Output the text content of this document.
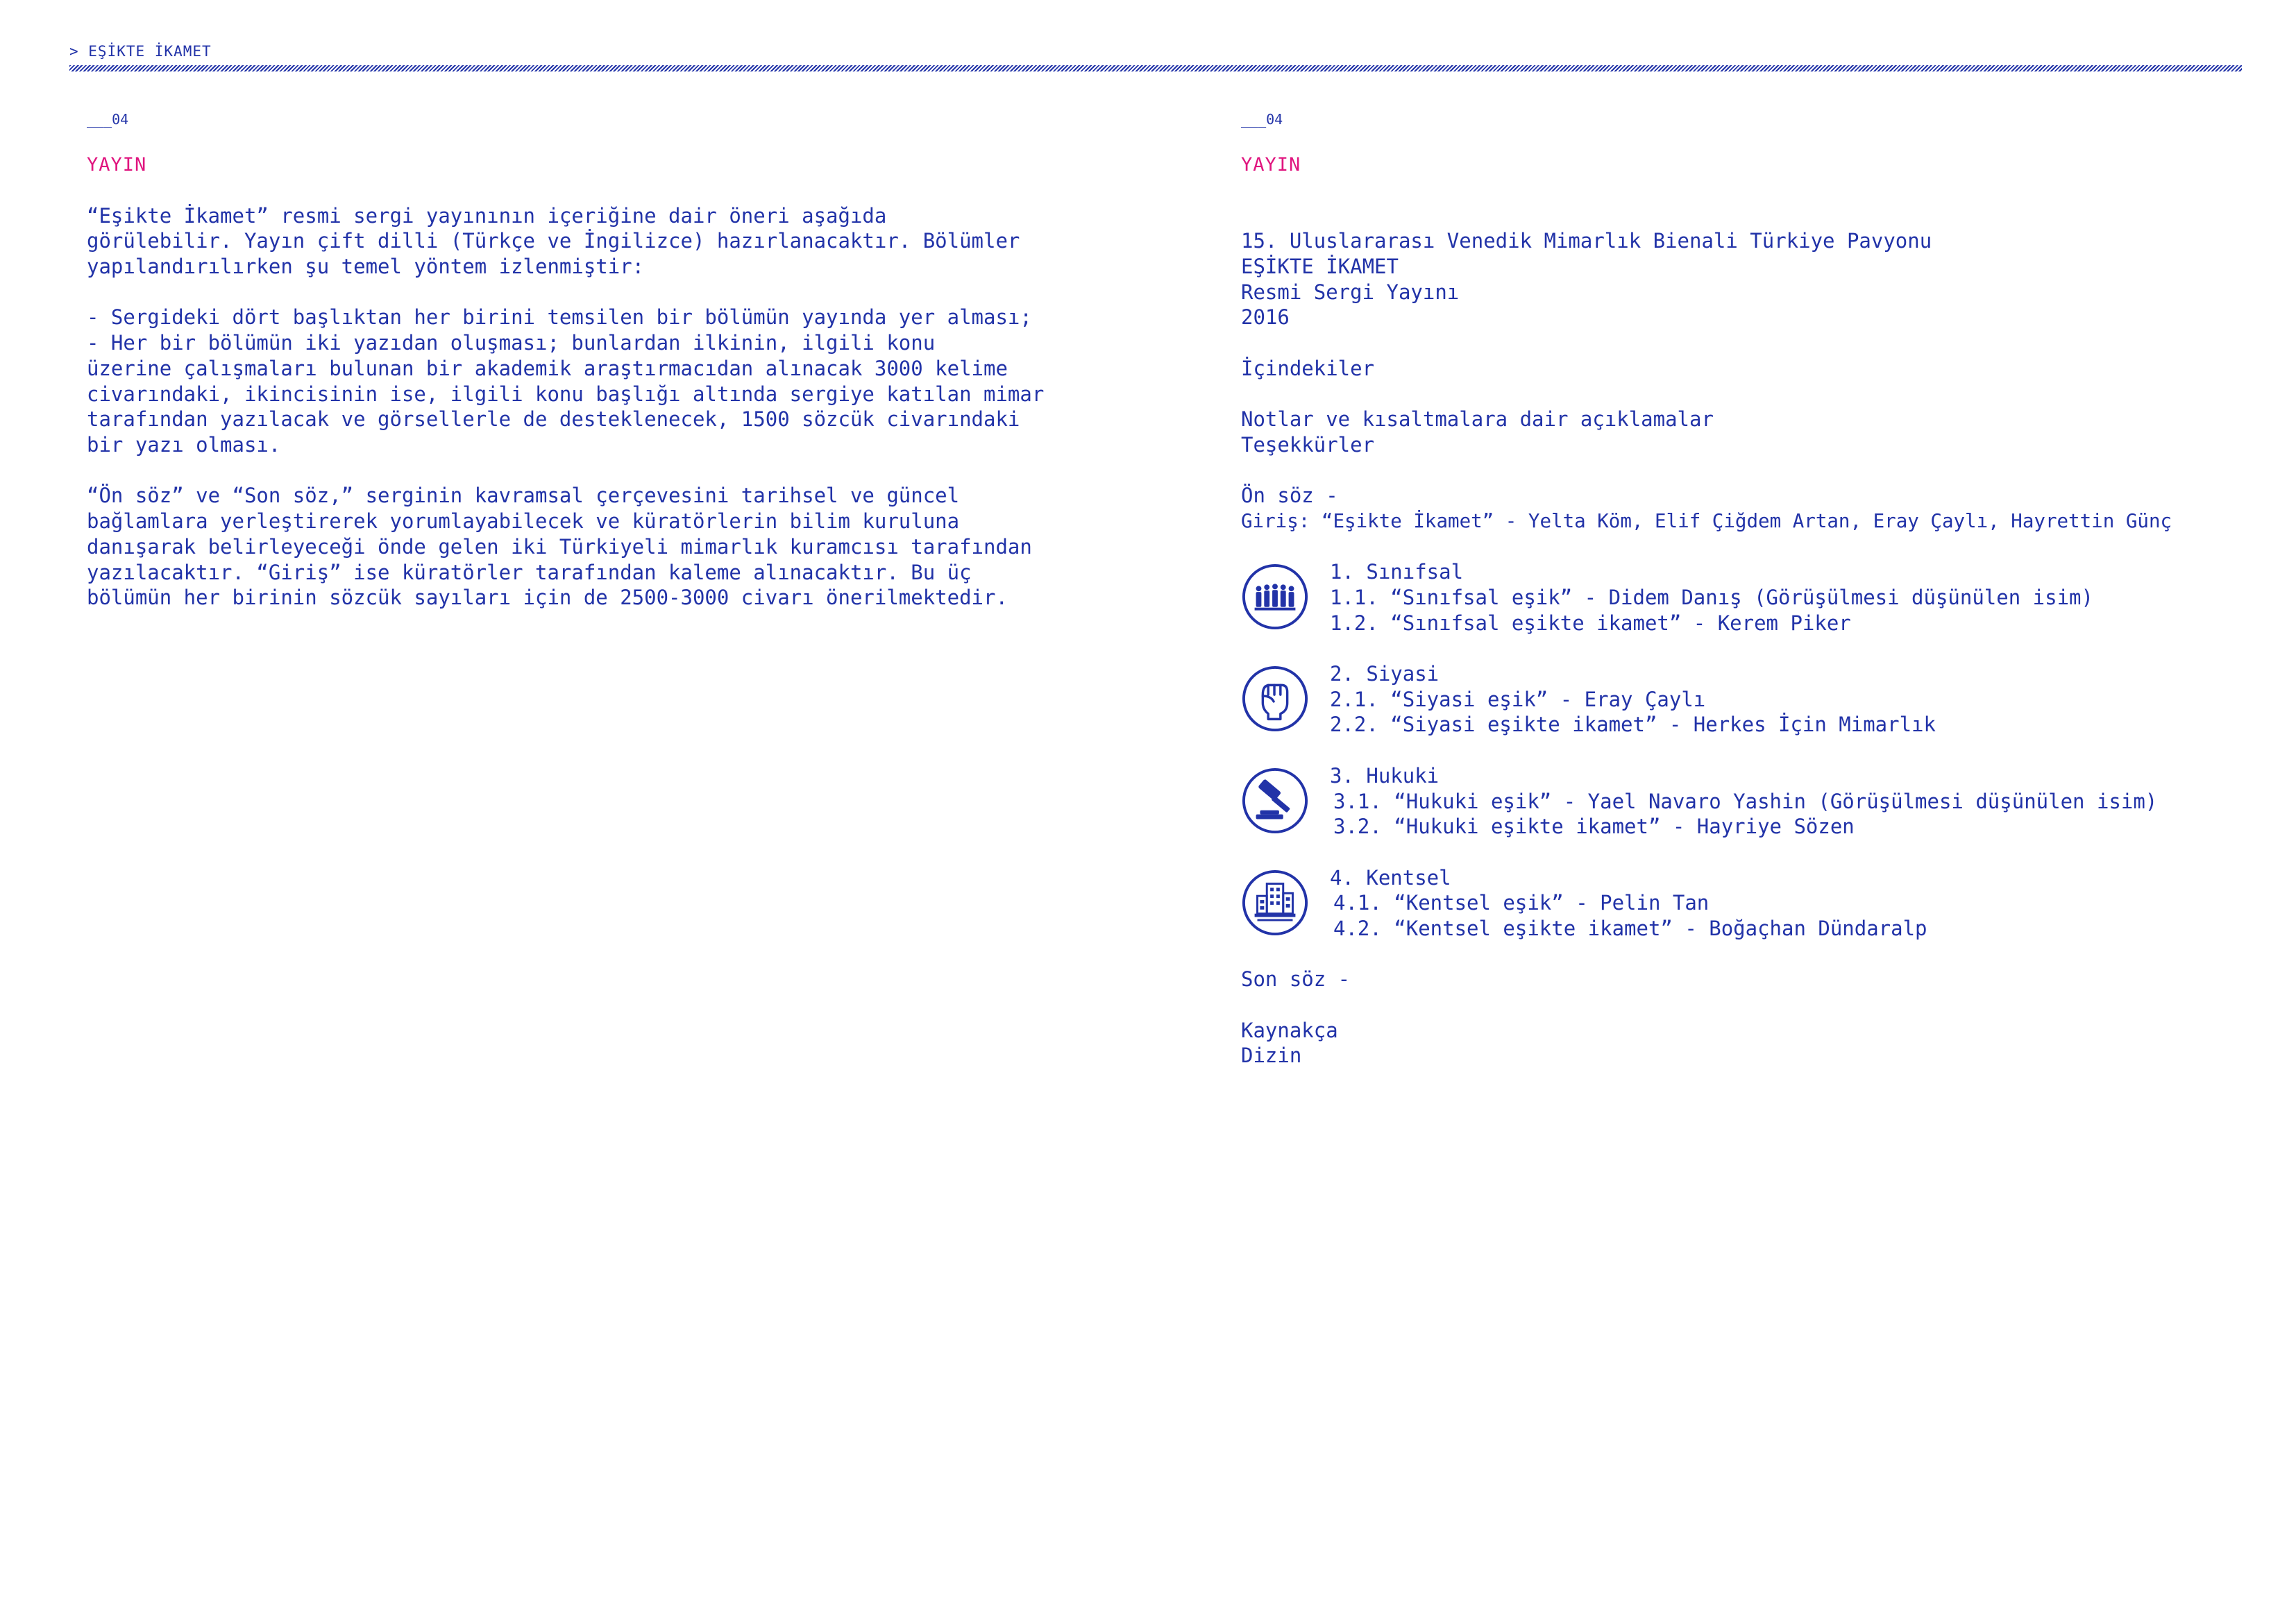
> EŞİKTE İKAMET
___04
YAYIN

“Eşikte İkamet” resmi sergi yayınının içeriğine dair öneri aşağıda
görülebilir. Yayın çift dilli (Türkçe ve İngilizce) hazırlanacaktır. Bölümler
yapılandırılırken şu temel yöntem izlenmiştir:

- Sergideki dört başlıktan her birini temsilen bir bölümün yayında yer alması;
- Her bir bölümün iki yazıdan oluşması; bunlardan ilkinin, ilgili konu
üzerine çalışmaları bulunan bir akademik araştırmacıdan alınacak 3000 kelime
civarındaki, ikincisinin ise, ilgili konu başlığı altında sergiye katılan mimar
tarafından yazılacak ve görsellerle de desteklenecek, 1500 sözcük civarındaki
bir yazı olması.

“Ön söz” ve “Son söz,” serginin kavramsal çerçevesini tarihsel ve güncel
bağlamlara yerleştirerek yorumlayabilecek ve küratörlerin bilim kuruluna
danışarak belirleyeceği önde gelen iki Türkiyeli mimarlık kuramcısı tarafından
yazılacaktır. “Giriş” ise küratörler tarafından kaleme alınacaktır. Bu üç
bölümün her birinin sözcük sayıları için de 2500-3000 civarı önerilmektedir.

___04
YAYIN
15. Uluslararası Venedik Mimarlık Bienali Türkiye Pavyonu
EŞİKTE İKAMET
Resmi Sergi Yayını
2016
İçindekiler
Notlar ve kısaltmalara dair açıklamalar
Teşekkürler
Ön söz -
Giriş: “Eşikte İkamet” - Yelta Köm, Elif Çiğdem Artan, Eray Çaylı, Hayrettin Günç
1. Sınıfsal
1.1. “Sınıfsal eşik” - Didem Danış (Görüşülmesi düşünülen isim)
1.2. “Sınıfsal eşikte ikamet” - Kerem Piker
2. Siyasi
2.1. “Siyasi eşik” - Eray Çaylı
2.2. “Siyasi eşikte ikamet” - Herkes İçin Mimarlık
3. Hukuki
3.1. “Hukuki eşik” - Yael Navaro Yashin (Görüşülmesi düşünülen isim)
3.2. “Hukuki eşikte ikamet” - Hayriye Sözen
4. Kentsel
4.1. “Kentsel eşik” - Pelin Tan
4.2. “Kentsel eşikte ikamet” - Boğaçhan Dündaralp
Son söz -
Kaynakça
Dizin
